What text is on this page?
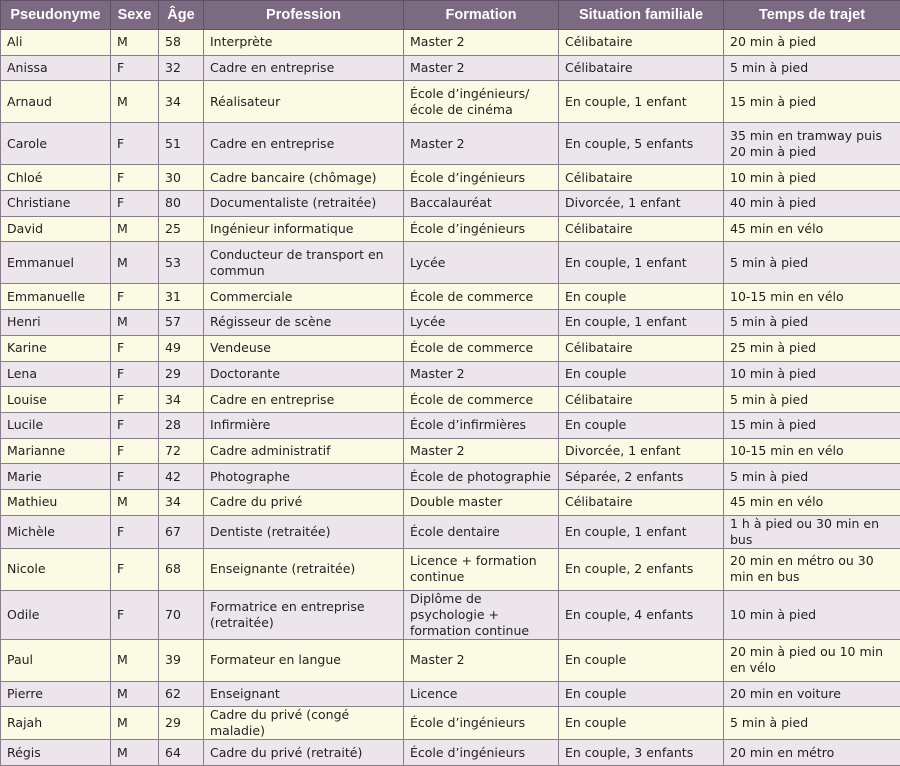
Pseudonyme	Sexe	Âge	Profession	Formation	Situation familiale	Temps de trajet
Ali	M	58	Interprète	Master 2	Célibataire	20 min à pied
Anissa	F	32	Cadre en entreprise	Master 2	Célibataire	5 min à pied
Arnaud	M	34	Réalisateur	École d’ingénieurs/ école de cinéma	En couple, 1 enfant	15 min à pied
Carole	F	51	Cadre en entreprise	Master 2	En couple, 5 enfants	35 min en tramway puis 20 min à pied
Chloé	F	30	Cadre bancaire (chômage)	École d’ingénieurs	Célibataire	10 min à pied
Christiane	F	80	Documentaliste (retraitée)	Baccalauréat	Divorcée, 1 enfant	40 min à pied
David	M	25	Ingénieur informatique	École d’ingénieurs	Célibataire	45 min en vélo
Emmanuel	M	53	Conducteur de transport en commun	Lycée	En couple, 1 enfant	5 min à pied
Emmanuelle	F	31	Commerciale	École de commerce	En couple	10-15 min en vélo
Henri	M	57	Régisseur de scène	Lycée	En couple, 1 enfant	5 min à pied
Karine	F	49	Vendeuse	École de commerce	Célibataire	25 min à pied
Lena	F	29	Doctorante	Master 2	En couple	10 min à pied
Louise	F	34	Cadre en entreprise	École de commerce	Célibataire	5 min à pied
Lucile	F	28	Infirmière	École d’infirmières	En couple	15 min à pied
Marianne	F	72	Cadre administratif	Master 2	Divorcée, 1 enfant	10-15 min en vélo
Marie	F	42	Photographe	École de photographie	Séparée, 2 enfants	5 min à pied
Mathieu	M	34	Cadre du privé	Double master	Célibataire	45 min en vélo
Michèle	F	67	Dentiste (retraitée)	École dentaire	En couple, 1 enfant	1 h à pied ou 30 min en bus
Nicole	F	68	Enseignante (retraitée)	Licence + formation continue	En couple, 2 enfants	20 min en métro ou 30 min en bus
Odile	F	70	Formatrice en entreprise (retraitée)	Diplôme de psychologie + formation continue	En couple, 4 enfants	10 min à pied
Paul	M	39	Formateur en langue	Master 2	En couple	20 min à pied ou 10 min en vélo
Pierre	M	62	Enseignant	Licence	En couple	20 min en voiture
Rajah	M	29	Cadre du privé (congé maladie)	École d’ingénieurs	En couple	5 min à pied
Régis	M	64	Cadre du privé (retraité)	École d’ingénieurs	En couple, 3 enfants	20 min en métro
